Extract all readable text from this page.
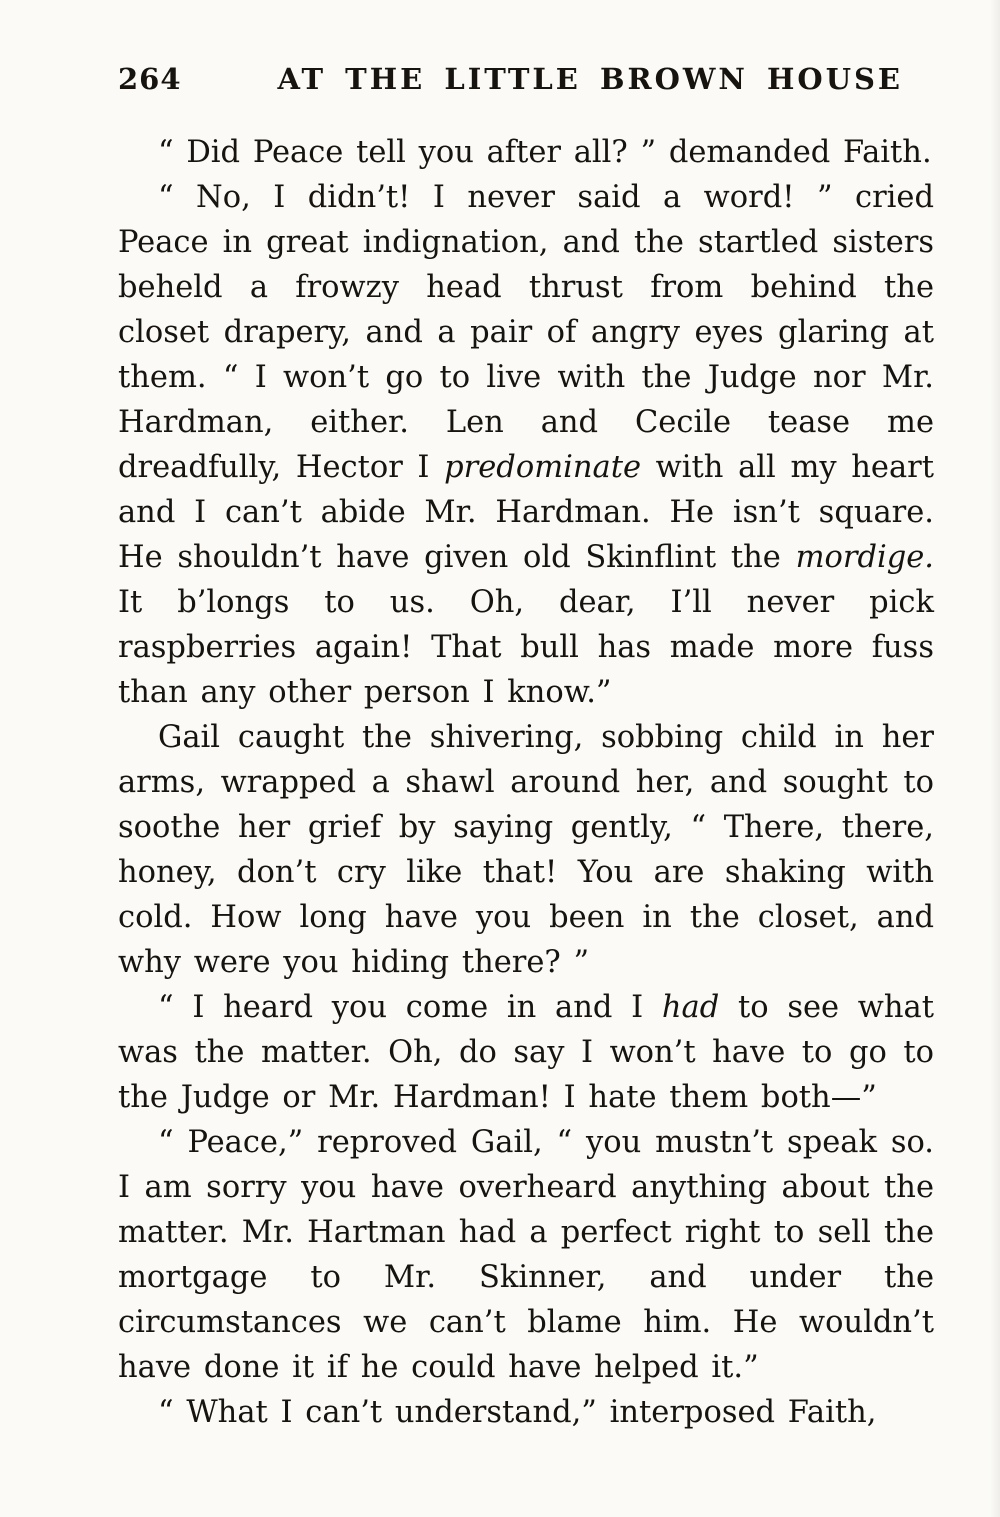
264	AT THE LITTLE BROWN HOUSE

“ Did Peace tell you after all? ” demanded Faith.

“ No, I didn’t! I never said a word! ” cried Peace in great indignation, and the startled sisters beheld a frowzy head thrust from behind the closet drapery, and a pair of angry eyes glaring at them. “ I won’t go to live with the Judge nor Mr. Hardman, either. Len and Cecile tease me dreadfully, Hector I predominate with all my heart and I can’t abide Mr. Hardman. He isn’t square. He shouldn’t have given old Skinflint the mordige. It b’longs to us. Oh, dear, I’ll never pick raspberries again! That bull has made more fuss than any other person I know.”

Gail caught the shivering, sobbing child in her arms, wrapped a shawl around her, and sought to soothe her grief by saying gently, “ There, there, honey, don’t cry like that! You are shaking with cold. How long have you been in the closet, and why were you hiding there? ”

“ I heard you come in and I had to see what was the matter. Oh, do say I won’t have to go to the Judge or Mr. Hardman! I hate them both—”

“ Peace,” reproved Gail, “ you mustn’t speak so. I am sorry you have overheard anything about the matter. Mr. Hartman had a perfect right to sell the mortgage to Mr. Skinner, and under the circumstances we can’t blame him. He wouldn’t have done it if he could have helped it.”

“ What I can’t understand,” interposed Faith,
